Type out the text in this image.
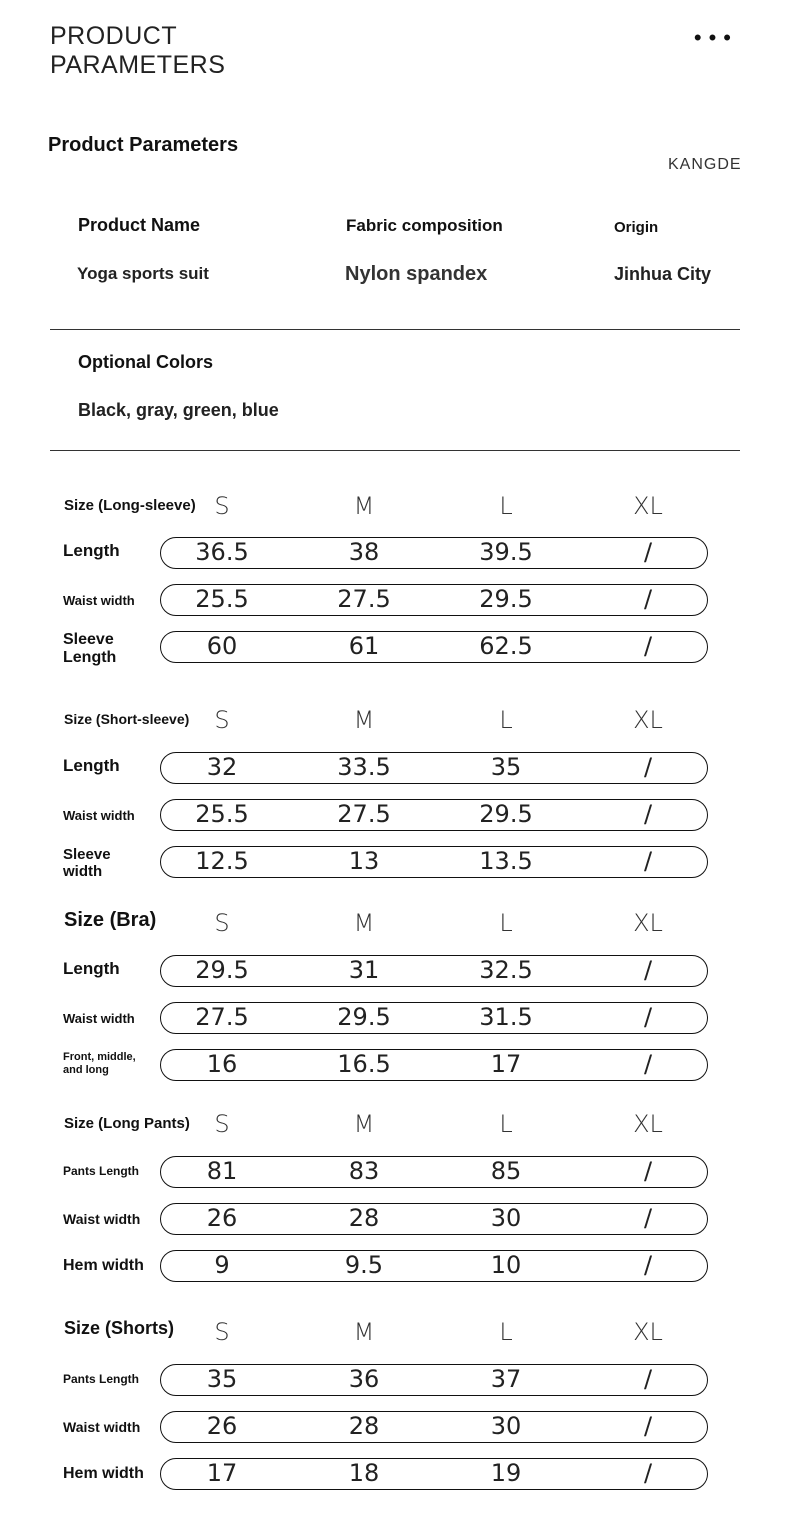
PRODUCT
PARAMETERS
•••
Product Parameters
KANGDE
Product Name	Fabric composition	Origin
Yoga sports suit	Nylon spandex	Jinhua City
Optional Colors
Black, gray, green, blue
Size (Long-sleeve) S	M	L	XL
Length	36.5	38	39.5	/
Waist width	25.5	27.5	29.5	/
Sleeve
Length	60	61	62.5	/
Size (Short-sleeve)	S	M	L	XL
Length	32	33.5	35	/
Waist width	25.5	27.5	29.5	/
Sleeve
width	12.5	13	13.5	/
Size (Bra)	S	M	L	XL
Length	29.5	31	32.5	/
Waist width	27.5	29.5	31.5	/
Front, middle,
and long	16	16.5	17	/
Size (Long Pants)	S	M	L	XL
Pants Length	81	83	85	/
Waist width	26	28	30	/
Hem width	9	9.5	10	/
Size (Shorts)	S	M	L	XL
Pants Length	35	36	37	/
Waist width	26	28	30	/
Hem width	17	18	19	/
